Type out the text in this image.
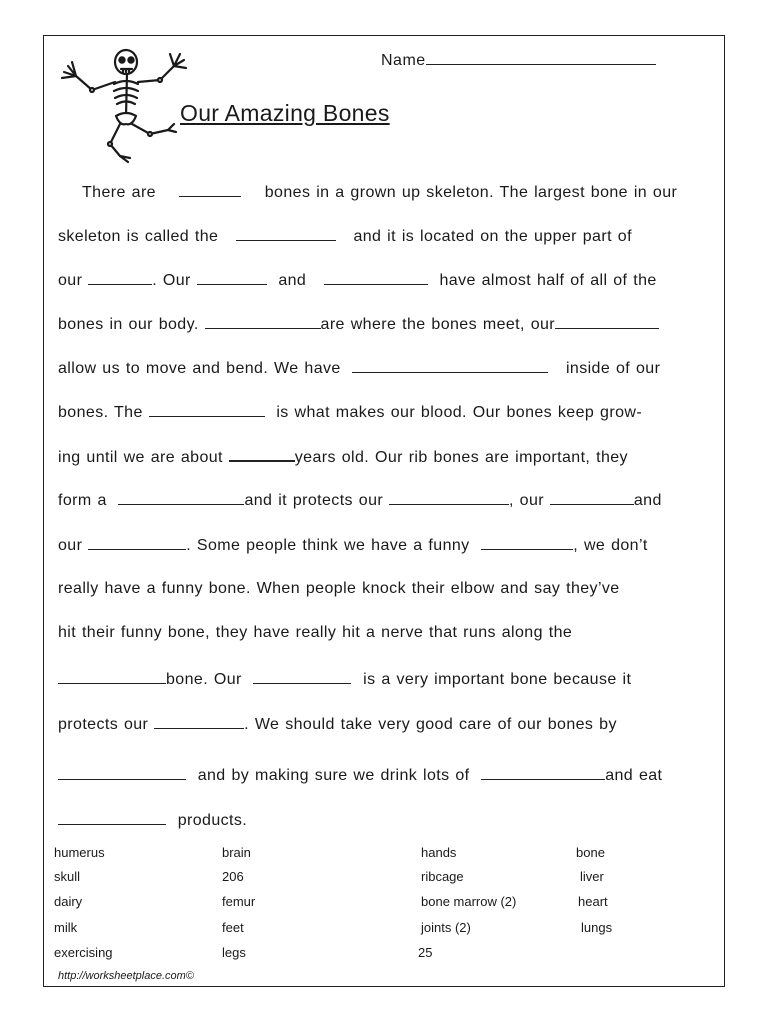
Name
Our Amazing Bones
There are	bones in a grown up skeleton. The largest bone in our
skeleton is called the	and it is located on the upper part of
our	. Our	and	have almost half of all of the
bones in our body.	are where the bones meet, our
allow us to move and bend. We have	inside of our
bones. The	is what makes our blood. Our bones keep grow-
ing until we are about	years old. Our rib bones are important, they
form a	and it protects our	, our	and
our	. Some people think we have a funny	, we don’t
really have a funny bone. When people knock their elbow and say they’ve
hit their funny bone, they have really hit a nerve that runs along the
bone. Our	is a very important bone because it
protects our	. We should take very good care of our bones by
and by making sure we drink lots of	and eat
products.
humerus	brain	hands	bone
skull	206	ribcage	liver
dairy	femur	bone marrow (2)	heart
milk	feet	joints (2)	lungs
exercising	legs	25
http://worksheetplace.com©
